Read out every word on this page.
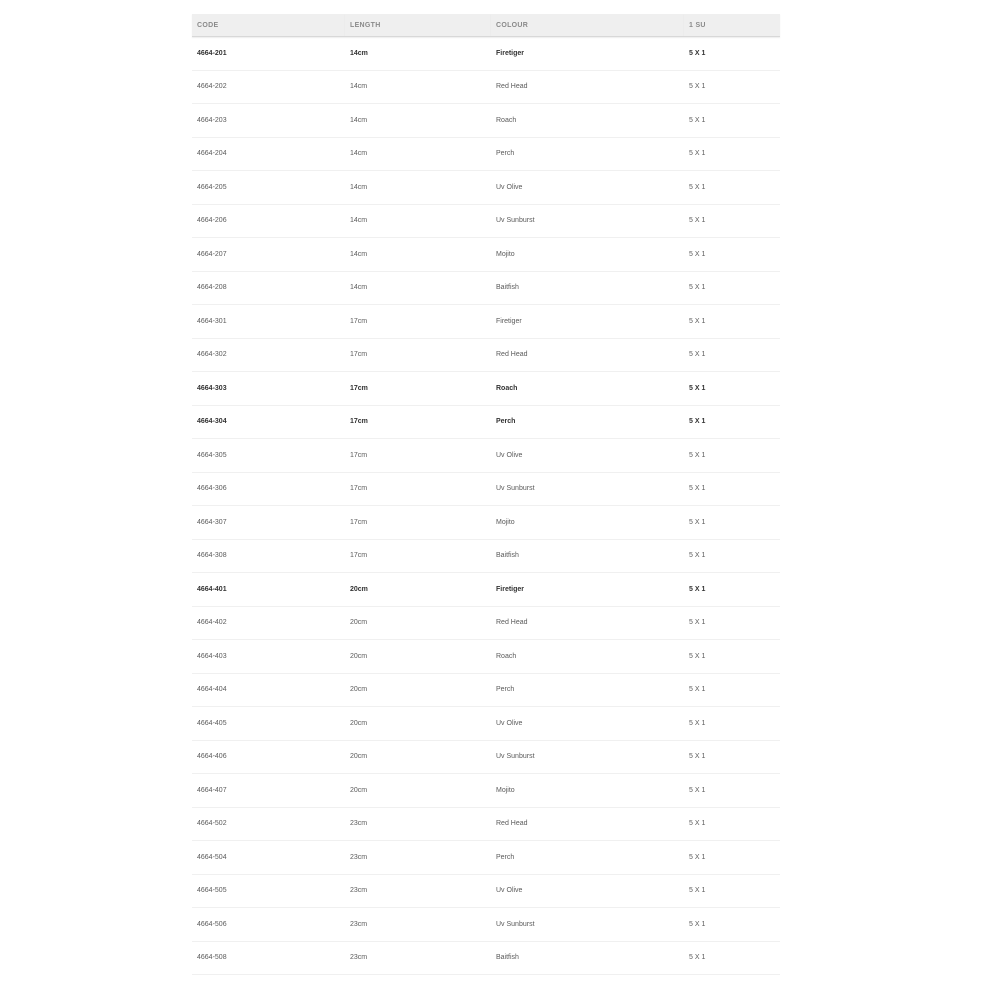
CODE	LENGTH	COLOUR	1 SU
4664-201	14cm	Firetiger	5 X 1
4664-202	14cm	Red Head	5 X 1
4664-203	14cm	Roach	5 X 1
4664-204	14cm	Perch	5 X 1
4664-205	14cm	Uv Olive	5 X 1
4664-206	14cm	Uv Sunburst	5 X 1
4664-207	14cm	Mojito	5 X 1
4664-208	14cm	Baitfish	5 X 1
4664-301	17cm	Firetiger	5 X 1
4664-302	17cm	Red Head	5 X 1
4664-303	17cm	Roach	5 X 1
4664-304	17cm	Perch	5 X 1
4664-305	17cm	Uv Olive	5 X 1
4664-306	17cm	Uv Sunburst	5 X 1
4664-307	17cm	Mojito	5 X 1
4664-308	17cm	Baitfish	5 X 1
4664-401	20cm	Firetiger	5 X 1
4664-402	20cm	Red Head	5 X 1
4664-403	20cm	Roach	5 X 1
4664-404	20cm	Perch	5 X 1
4664-405	20cm	Uv Olive	5 X 1
4664-406	20cm	Uv Sunburst	5 X 1
4664-407	20cm	Mojito	5 X 1
4664-502	23cm	Red Head	5 X 1
4664-504	23cm	Perch	5 X 1
4664-505	23cm	Uv Olive	5 X 1
4664-506	23cm	Uv Sunburst	5 X 1
4664-508	23cm	Baitfish	5 X 1
